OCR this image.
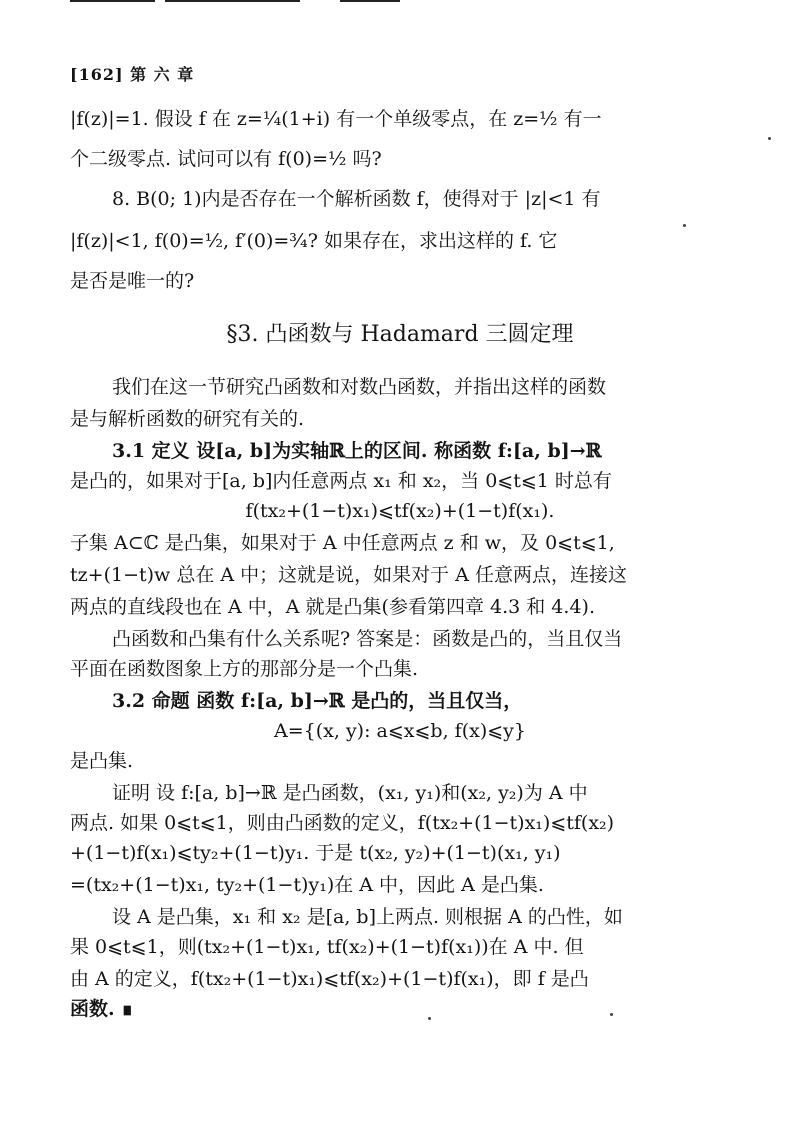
[162] 第 六 章
|f(z)|=1. 假设 f 在 z=¼(1+i) 有一个单级零点，在 z=½ 有一
个二级零点. 试问可以有 f(0)=½ 吗?
8. B(0; 1)内是否存在一个解析函数 f，使得对于 |z|<1 有
|f(z)|<1, f(0)=½, f′(0)=¾? 如果存在，求出这样的 f. 它
是否是唯一的?
§3. 凸函数与 Hadamard 三圆定理
我们在这一节研究凸函数和对数凸函数，并指出这样的函数
是与解析函数的研究有关的.
3.1 定义 设[a, b]为实轴ℝ上的区间. 称函数 f:[a, b]→ℝ
是凸的，如果对于[a, b]内任意两点 x₁ 和 x₂，当 0⩽t⩽1 时总有
f(tx₂+(1−t)x₁)⩽tf(x₂)+(1−t)f(x₁).
子集 A⊂ℂ 是凸集，如果对于 A 中任意两点 z 和 w，及 0⩽t⩽1,
tz+(1−t)w 总在 A 中；这就是说，如果对于 A 任意两点，连接这
两点的直线段也在 A 中，A 就是凸集(参看第四章 4.3 和 4.4).
凸函数和凸集有什么关系呢? 答案是：函数是凸的，当且仅当
平面在函数图象上方的那部分是一个凸集.
3.2 命题 函数 f:[a, b]→ℝ 是凸的，当且仅当，
A={(x, y): a⩽x⩽b, f(x)⩽y}
是凸集.
证明 设 f:[a, b]→ℝ 是凸函数，(x₁, y₁)和(x₂, y₂)为 A 中
两点. 如果 0⩽t⩽1，则由凸函数的定义，f(tx₂+(1−t)x₁)⩽tf(x₂)
+(1−t)f(x₁)⩽ty₂+(1−t)y₁. 于是 t(x₂, y₂)+(1−t)(x₁, y₁)
=(tx₂+(1−t)x₁, ty₂+(1−t)y₁)在 A 中，因此 A 是凸集.
设 A 是凸集，x₁ 和 x₂ 是[a, b]上两点. 则根据 A 的凸性，如
果 0⩽t⩽1，则(tx₂+(1−t)x₁, tf(x₂)+(1−t)f(x₁))在 A 中. 但
由 A 的定义，f(tx₂+(1−t)x₁)⩽tf(x₂)+(1−t)f(x₁)，即 f 是凸
函数. ∎
